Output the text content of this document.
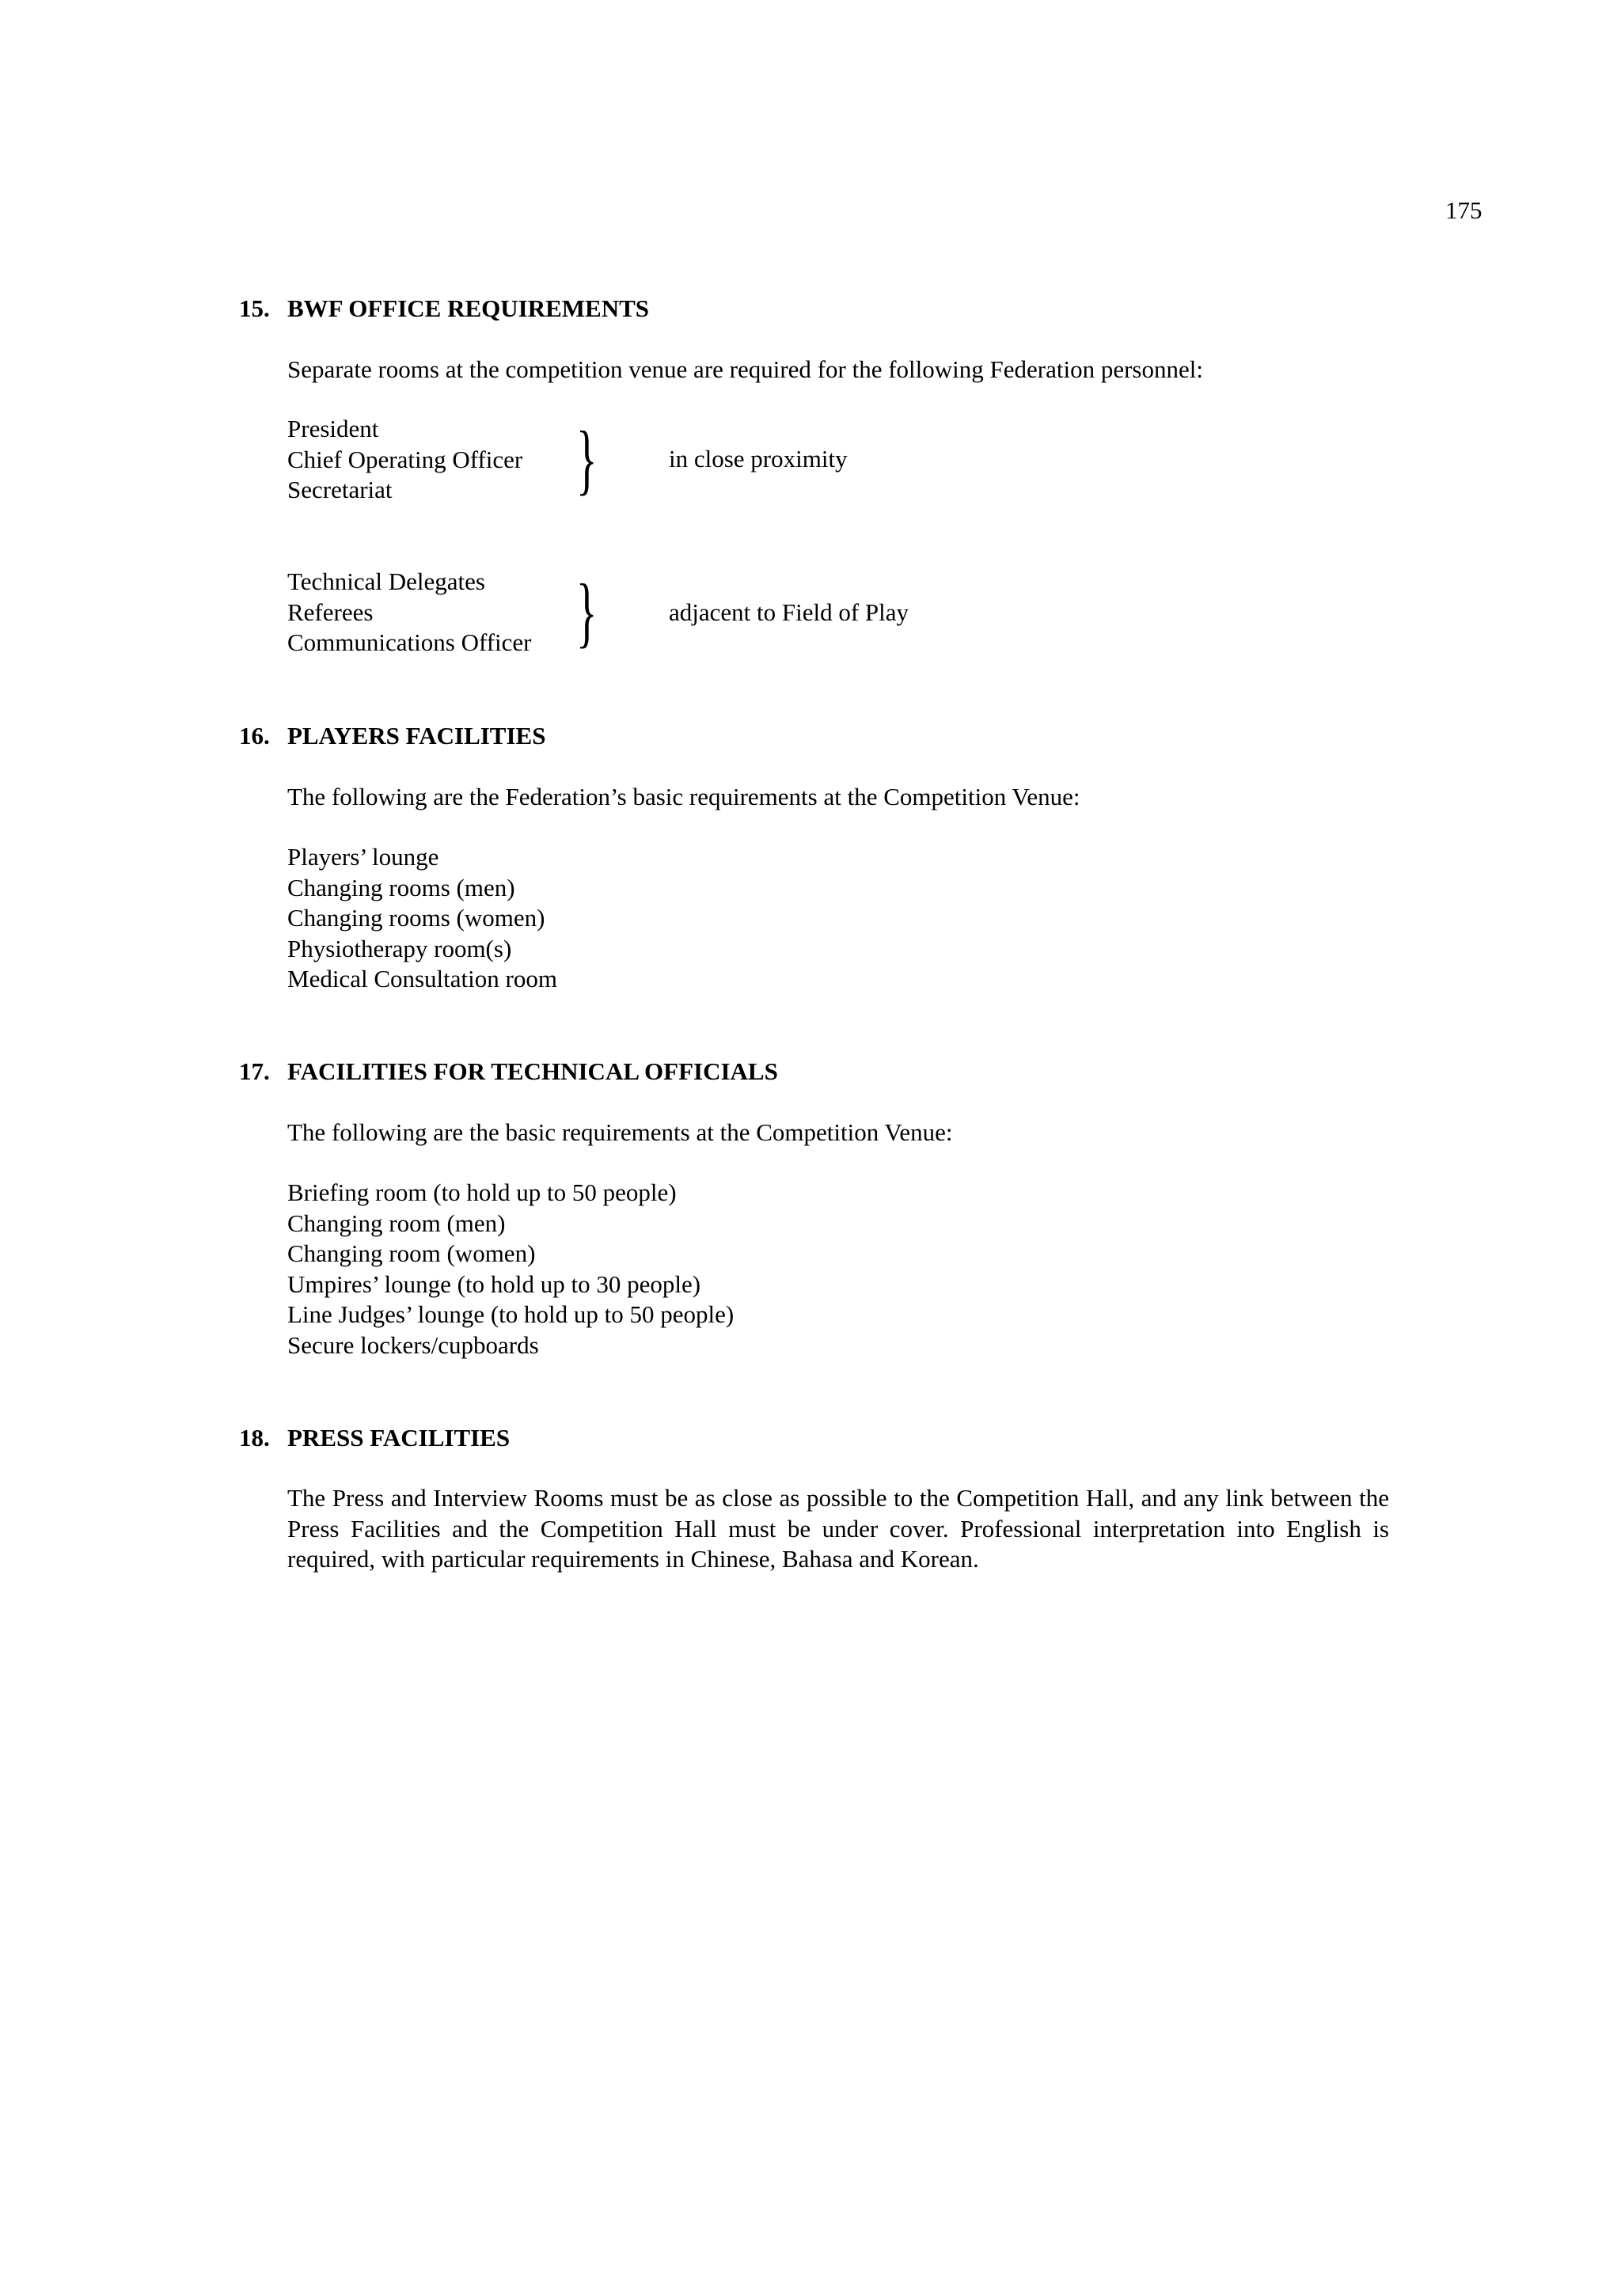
175
15. BWF OFFICE REQUIREMENTS
Separate rooms at the competition venue are required for the following Federation personnel:
President
Chief Operating Officer
Secretariat	}	in close proximity
Technical Delegates
Referees
Communications Officer }	adjacent to Field of Play
16. PLAYERS FACILITIES
The following are the Federation’s basic requirements at the Competition Venue:
Players’ lounge
Changing rooms (men)
Changing rooms (women)
Physiotherapy room(s)
Medical Consultation room
17. FACILITIES FOR TECHNICAL OFFICIALS
The following are the basic requirements at the Competition Venue:
Briefing room (to hold up to 50 people)
Changing room (men)
Changing room (women)
Umpires’ lounge (to hold up to 30 people)
Line Judges’ lounge (to hold up to 50 people)
Secure lockers/cupboards
18. PRESS FACILITIES
The Press and Interview Rooms must be as close as possible to the Competition Hall, and any link between the Press Facilities and the Competition Hall must be under cover. Professional interpretation into English is required, with particular requirements in Chinese, Bahasa and Korean.
